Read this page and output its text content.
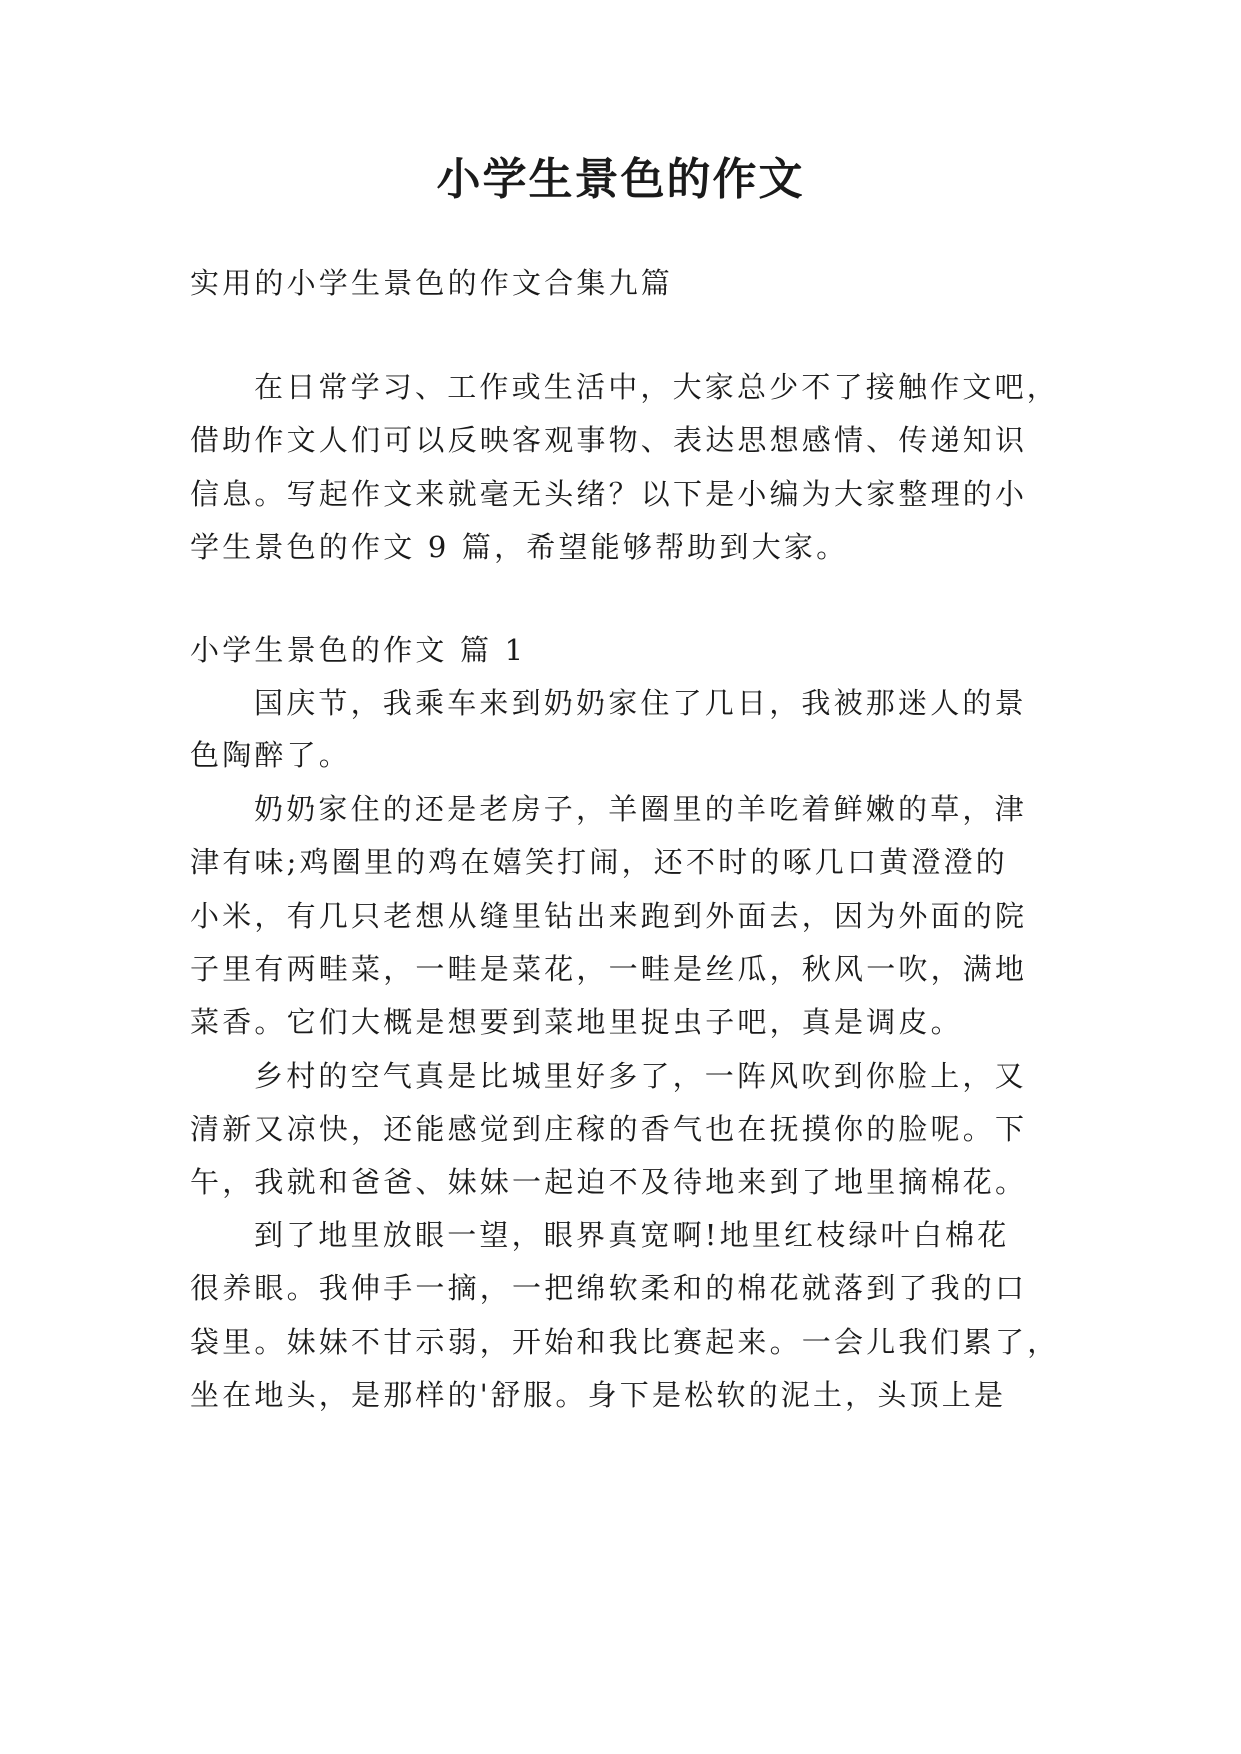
小学生景色的作文
实用的小学生景色的作文合集九篇
在日常学习、工作或生活中，大家总少不了接触作文吧，
借助作文人们可以反映客观事物、表达思想感情、传递知识
信息。写起作文来就毫无头绪？以下是小编为大家整理的小
学生景色的作文 9 篇，希望能够帮助到大家。
小学生景色的作文 篇 1
国庆节，我乘车来到奶奶家住了几日，我被那迷人的景
色陶醉了。
奶奶家住的还是老房子，羊圈里的羊吃着鲜嫩的草，津
津有味;鸡圈里的鸡在嬉笑打闹，还不时的啄几口黄澄澄的
小米，有几只老想从缝里钻出来跑到外面去，因为外面的院
子里有两畦菜，一畦是菜花，一畦是丝瓜，秋风一吹，满地
菜香。它们大概是想要到菜地里捉虫子吧，真是调皮。
乡村的空气真是比城里好多了，一阵风吹到你脸上，又
清新又凉快，还能感觉到庄稼的香气也在抚摸你的脸呢。下
午，我就和爸爸、妹妹一起迫不及待地来到了地里摘棉花。
到了地里放眼一望，眼界真宽啊!地里红枝绿叶白棉花
很养眼。我伸手一摘，一把绵软柔和的棉花就落到了我的口
袋里。妹妹不甘示弱，开始和我比赛起来。一会儿我们累了，
坐在地头，是那样的'舒服。身下是松软的泥土，头顶上是
